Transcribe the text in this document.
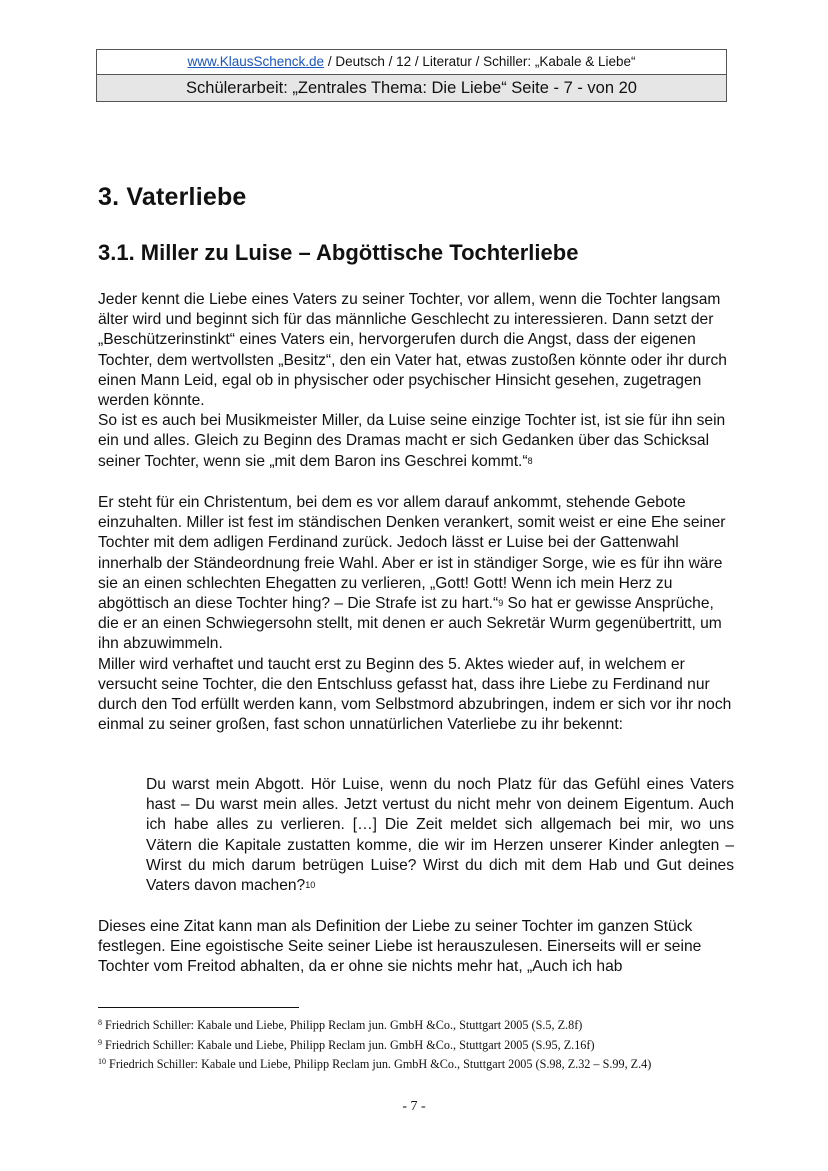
www.KlausSchenck.de / Deutsch / 12 / Literatur / Schiller: „Kabale & Liebe“
Schülerarbeit: „Zentrales Thema: Die Liebe“ Seite - 7 - von 20
3. Vaterliebe
3.1. Miller zu Luise – Abgöttische Tochterliebe

Jeder kennt die Liebe eines Vaters zu seiner Tochter, vor allem, wenn die Tochter langsam älter wird und beginnt sich für das männliche Geschlecht zu interessieren. Dann setzt der „Beschützerinstinkt“ eines Vaters ein, hervorgerufen durch die Angst, dass der eigenen Tochter, dem wertvollsten „Besitz“, den ein Vater hat, etwas zustoßen könnte oder ihr durch einen Mann Leid, egal ob in physischer oder psychischer Hinsicht gesehen, zugetragen werden könnte.

So ist es auch bei Musikmeister Miller, da Luise seine einzige Tochter ist, ist sie für ihn sein ein und alles. Gleich zu Beginn des Dramas macht er sich Gedanken über das Schicksal seiner Tochter, wenn sie „mit dem Baron ins Geschrei kommt.“$^8$

Er steht für ein Christentum, bei dem es vor allem darauf ankommt, stehende Gebote einzuhalten. Miller ist fest im ständischen Denken verankert, somit weist er eine Ehe seiner Tochter mit dem adligen Ferdinand zurück. Jedoch lässt er Luise bei der Gattenwahl innerhalb der Ständeordnung freie Wahl. Aber er ist in ständiger Sorge, wie es für ihn wäre sie an einen schlechten Ehegatten zu verlieren, „Gott! Gott! Wenn ich mein Herz zu abgöttisch an diese Tochter hing? – Die Strafe ist zu hart.“$^9$ So hat er gewisse Ansprüche, die er an einen Schwiegersohn stellt, mit denen er auch Sekretär Wurm gegenübertritt, um ihn abzuwimmeln.

Miller wird verhaftet und taucht erst zu Beginn des 5. Aktes wieder auf, in welchem er versucht seine Tochter, die den Entschluss gefasst hat, dass ihre Liebe zu Ferdinand nur durch den Tod erfüllt werden kann, vom Selbstmord abzubringen, indem er sich vor ihr noch einmal zu seiner großen, fast schon unnatürlichen Vaterliebe zu ihr bekennt:

Du warst mein Abgott. Hör Luise, wenn du noch Platz für das Gefühl eines Vaters hast – Du warst mein alles. Jetzt vertust du nicht mehr von deinem Eigentum. Auch ich habe alles zu verlieren. […] Die Zeit meldet sich allgemach bei mir, wo uns Vätern die Kapitale zustatten komme, die wir im Herzen unserer Kinder anlegten – Wirst du mich darum betrügen Luise? Wirst du dich mit dem Hab und Gut deines Vaters davon machen?$^{10}$

Dieses eine Zitat kann man als Definition der Liebe zu seiner Tochter im ganzen Stück festlegen. Eine egoistische Seite seiner Liebe ist herauszulesen. Einerseits will er seine Tochter vom Freitod abhalten, da er ohne sie nichts mehr hat, „Auch ich hab

$^8$ Friedrich Schiller: Kabale und Liebe, Philipp Reclam jun. GmbH &Co., Stuttgart 2005 (S.5, Z.8f)

$^9$ Friedrich Schiller: Kabale und Liebe, Philipp Reclam jun. GmbH &Co., Stuttgart 2005 (S.95, Z.16f)

$^{10}$ Friedrich Schiller: Kabale und Liebe, Philipp Reclam jun. GmbH &Co., Stuttgart 2005 (S.98, Z.32 – S.99, Z.4)

- 7 -
